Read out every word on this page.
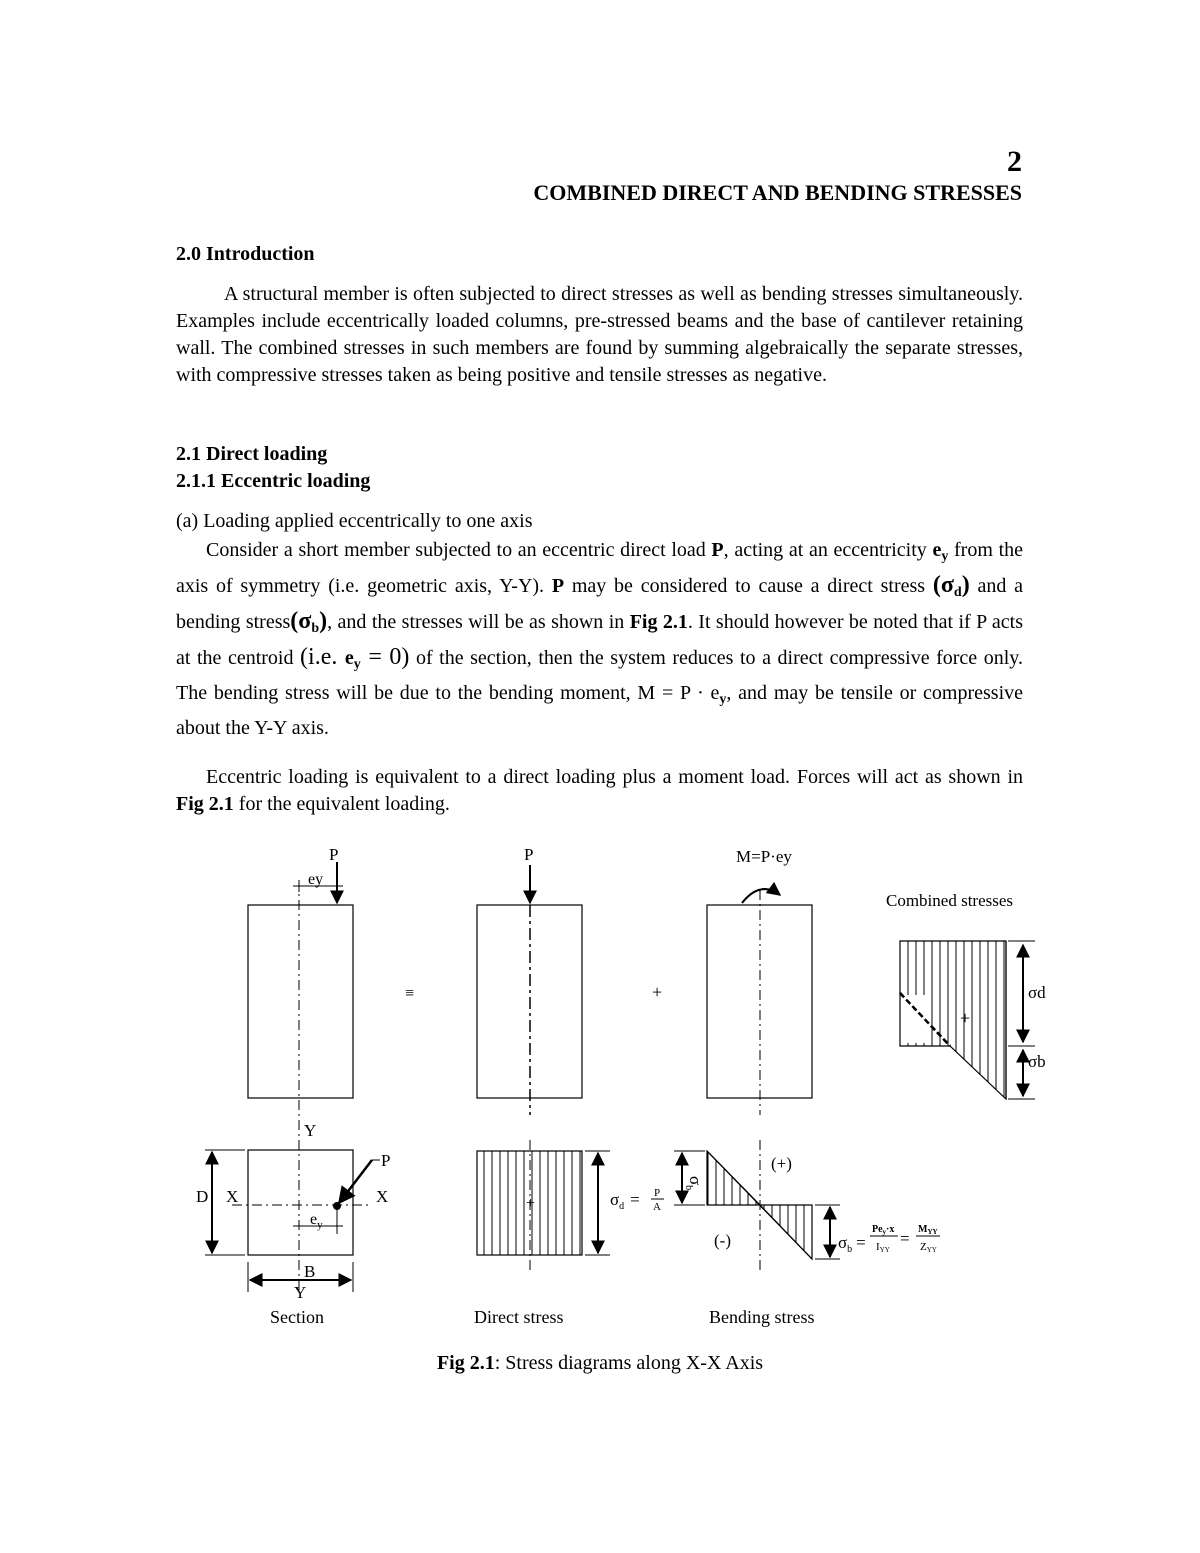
2
COMBINED DIRECT AND BENDING STRESSES
2.0 Introduction
A structural member is often subjected to direct stresses as well as bending stresses simultaneously. Examples include eccentrically loaded columns, pre-stressed beams and the base of cantilever retaining wall. The combined stresses in such members are found by summing algebraically the separate stresses, with compressive stresses taken as being positive and tensile stresses as negative.
2.1 Direct loading
2.1.1 Eccentric loading
(a) Loading applied eccentrically to one axis
Consider a short member subjected to an eccentric direct load P, acting at an eccentricity $e_y$ from the axis of symmetry (i.e. geometric axis, Y-Y). P may be considered to cause a direct stress $(\sigma_d)$ and a bending $stress(\sigma_b)$, and the stresses will be as shown in Fig 2.1. It should however be noted that if P acts at the centroid (i.e. $e_y = 0$) of the section, then the system reduces to a direct compressive force only. The bending stress will be due to the bending moment, $M = P \cdot e_y$, and may be tensile or compressive about the Y-Y axis.
Eccentric loading is equivalent to a direct loading plus a moment load. Forces will act as shown in Fig 2.1 for the equivalent loading.
P
ey
≡
P
+
M=P·ey
Combined stresses
σd
σb
+
Y
Y
D X	X
P
$e_y$
B
Section
+	$\sigma_d = P$
A
Direct stress
$\sigma_b$
(+)
(-)	$\sigma_b$ =
$Pe_y\cdot x$
IYY
= $M_{YY}$
ZYY
Bending stress
Fig 2.1: Stress diagrams along X-X Axis
